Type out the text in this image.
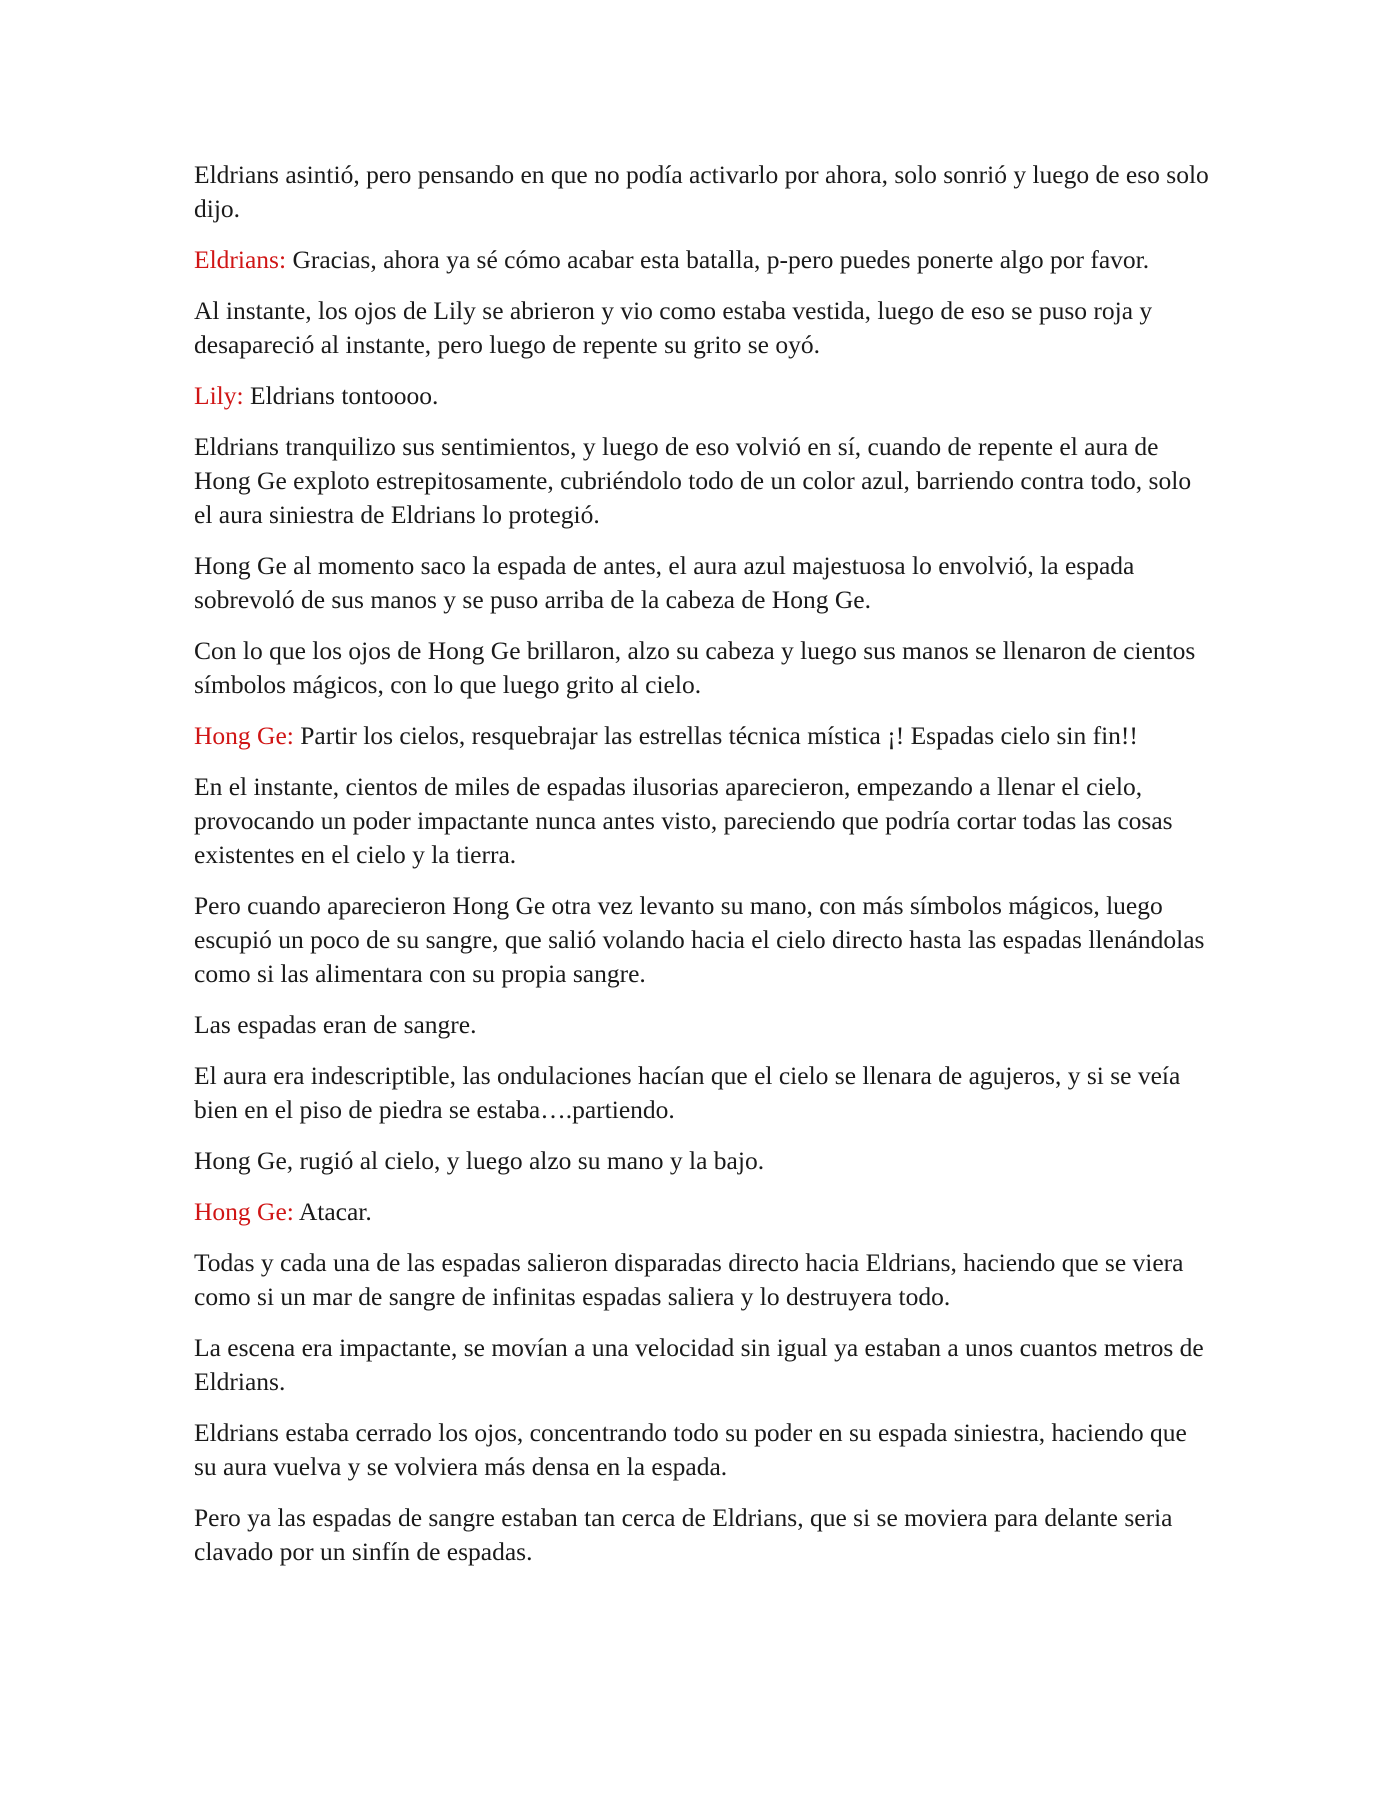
Eldrians asintió, pero pensando en que no podía activarlo por ahora, solo sonrió y luego de eso solo dijo.

Eldrians: Gracias, ahora ya sé cómo acabar esta batalla, p-pero puedes ponerte algo por favor.

Al instante, los ojos de Lily se abrieron y vio como estaba vestida, luego de eso se puso roja y desapareció al instante, pero luego de repente su grito se oyó.

Lily: Eldrians tontoooo.

Eldrians tranquilizo sus sentimientos, y luego de eso volvió en sí, cuando de repente el aura de Hong Ge exploto estrepitosamente, cubriéndolo todo de un color azul, barriendo contra todo, solo el aura siniestra de Eldrians lo protegió.

Hong Ge al momento saco la espada de antes, el aura azul majestuosa lo envolvió, la espada sobrevoló de sus manos y se puso arriba de la cabeza de Hong Ge.

Con lo que los ojos de Hong Ge brillaron, alzo su cabeza y luego sus manos se llenaron de cientos símbolos mágicos, con lo que luego grito al cielo.

Hong Ge: Partir los cielos, resquebrajar las estrellas técnica mística ¡! Espadas cielo sin fin!!

En el instante, cientos de miles de espadas ilusorias aparecieron, empezando a llenar el cielo, provocando un poder impactante nunca antes visto, pareciendo que podría cortar todas las cosas existentes en el cielo y la tierra.

Pero cuando aparecieron Hong Ge otra vez levanto su mano, con más símbolos mágicos, luego escupió un poco de su sangre, que salió volando hacia el cielo directo hasta las espadas llenándolas como si las alimentara con su propia sangre.

Las espadas eran de sangre.

El aura era indescriptible, las ondulaciones hacían que el cielo se llenara de agujeros, y si se veía bien en el piso de piedra se estaba….partiendo.

Hong Ge, rugió al cielo, y luego alzo su mano y la bajo.

Hong Ge: Atacar.

Todas y cada una de las espadas salieron disparadas directo hacia Eldrians, haciendo que se viera como si un mar de sangre de infinitas espadas saliera y lo destruyera todo.

La escena era impactante, se movían a una velocidad sin igual ya estaban a unos cuantos metros de Eldrians.

Eldrians estaba cerrado los ojos, concentrando todo su poder en su espada siniestra, haciendo que su aura vuelva y se volviera más densa en la espada.

Pero ya las espadas de sangre estaban tan cerca de Eldrians, que si se moviera para delante seria clavado por un sinfín de espadas.
